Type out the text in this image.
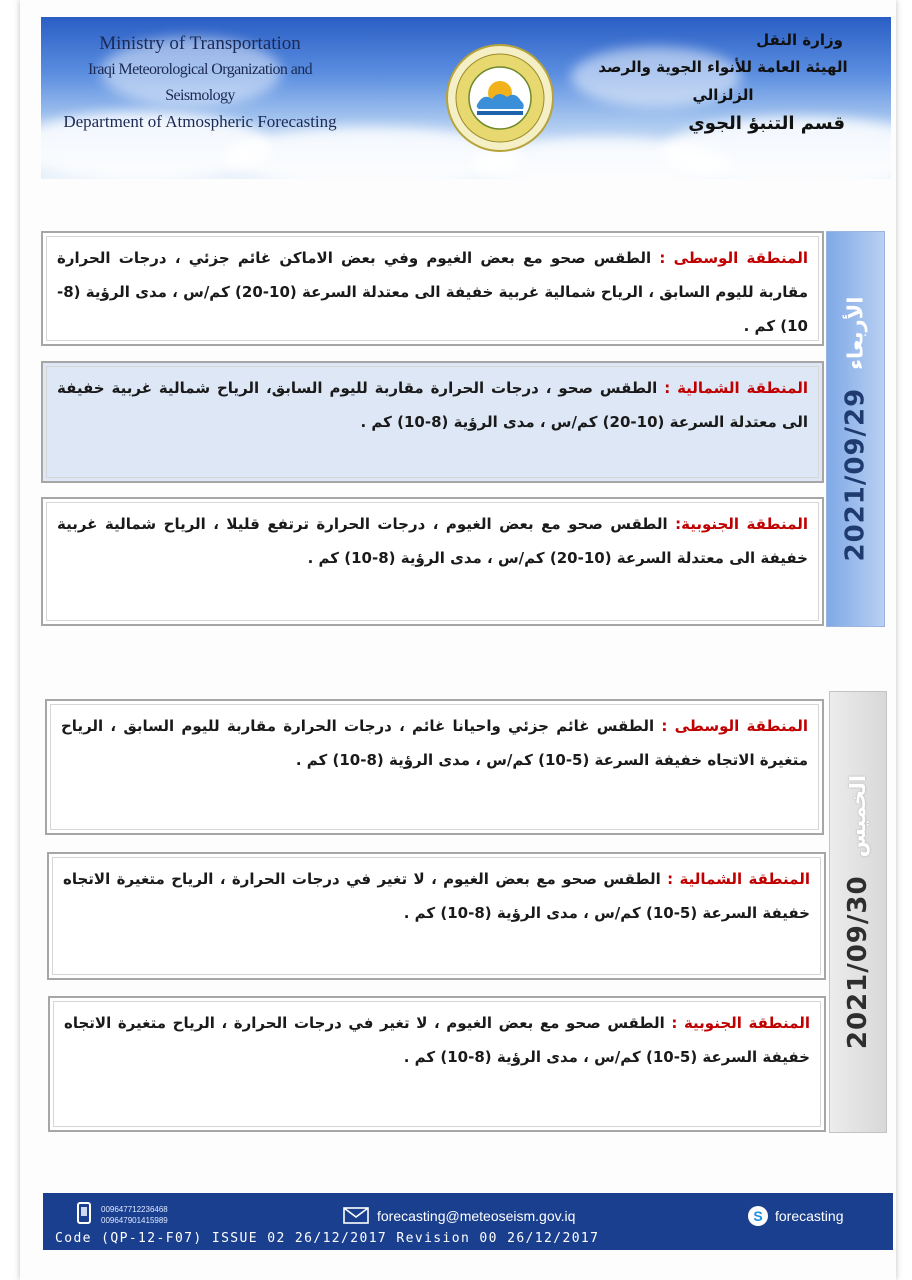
Ministry of Transportation
Iraqi Meteorological Organization and Seismology
Department of Atmospheric Forecasting
وزارة النقل
الهيئة العامة للأنواء الجوية والرصد الزلزالي
قسم التنبؤ الجوي
المنطقة الوسطى : الطقس صحو مع بعض الغيوم وفي بعض الاماكن غائم جزئي ، درجات الحرارة مقاربة لليوم السابق ، الرياح شمالية غربية خفيفة الى معتدلة السرعة (10-20) كم/س ، مدى الرؤية (8-10) كم .
المنطقة الشمالية : الطقس صحو ، درجات الحرارة مقاربة لليوم السابق، الرياح شمالية غربية خفيفة الى معتدلة السرعة (10-20) كم/س ، مدى الرؤية (8-10) كم .
المنطقة الجنوبية: الطقس صحو مع بعض الغيوم ، درجات الحرارة ترتفع قليلا ، الرياح شمالية غربية خفيفة الى معتدلة السرعة (10-20) كم/س ، مدى الرؤية (8-10) كم .	2021/09/29
الأربعاء
المنطقة الوسطى : الطقس غائم جزئي واحيانا غائم ، درجات الحرارة مقاربة لليوم السابق ، الرياح متغيرة الاتجاه خفيفة السرعة (5-10) كم/س ، مدى الرؤية (8-10) كم .
المنطقة الشمالية : الطقس صحو مع بعض الغيوم ، لا تغير في درجات الحرارة ، الرياح متغيرة الاتجاه خفيفة السرعة (5-10) كم/س ، مدى الرؤية (8-10) كم .
المنطقة الجنوبية : الطقس صحو مع بعض الغيوم ، لا تغير في درجات الحرارة ، الرياح متغيرة الاتجاه خفيفة السرعة (5-10) كم/س ، مدى الرؤية (8-10) كم .
2021/09/30
الخميس
009647712236468
009647901415989	forecasting@meteoseism.gov.iq	S forecasting
Code (QP-12-F07) ISSUE 02 26/12/2017 Revision 00 26/12/2017
